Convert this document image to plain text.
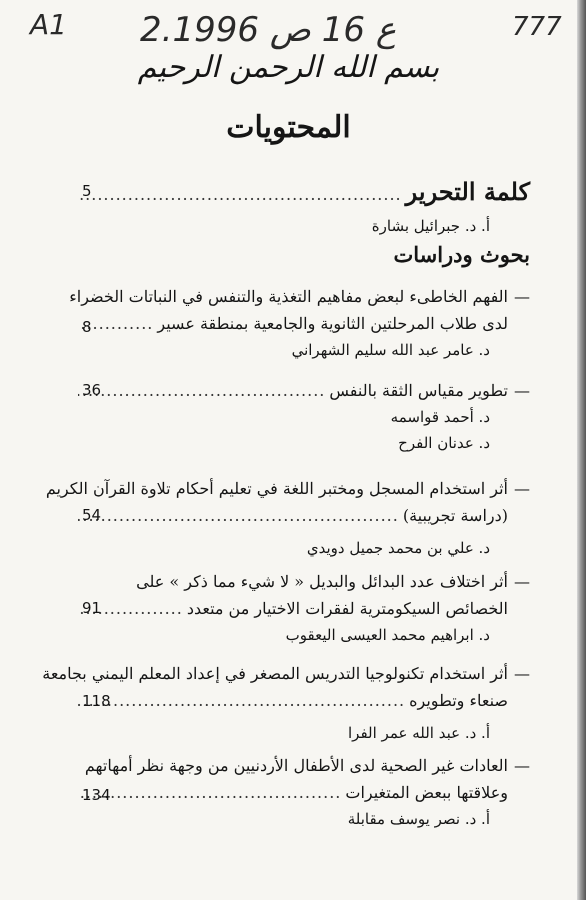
A1 2.ع 16 ص 1996	777
بسم الله الرحمن الرحيم
المحتويات
كلمة التحرير
.....
أ. د. جبرائيل بشارة
5
بحوث ودراسات
—
الفهم الخاطىء لبعض مفاهيم التغذية والتنفس في النباتات الخضراء
لدى طلاب المرحلتين الثانوية والجامعية بمنطقة عسير
.....
د. عامر عبد الله سليم الشهراني
8
—
تطوير مقياس الثقة بالنفس
.....
د. أحمد قواسمه
د. عدنان الفرح
36
—
أثر استخدام المسجل ومختبر اللغة في تعليم أحكام تلاوة القرآن الكريم
(دراسة تجريبية)
.....
د. علي بن محمد جميل دويدي
54
—
أثر اختلاف عدد البدائل والبديل « لا شيء مما ذكر » على
الخصائص السيكومترية لفقرات الاختيار من متعدد
.....
د. ابراهيم محمد العيسى اليعقوب
91
—
أثر استخدام تكنولوجيا التدريس المصغر في إعداد المعلم اليمني بجامعة
صنعاء وتطويره
.....
أ. د. عبد الله عمر الفرا
118
—
العادات غير الصحية لدى الأطفال الأردنيين من وجهة نظر أمهاتهم
وعلاقتها ببعض المتغيرات
.....
أ. د. نصر يوسف مقابلة
134
